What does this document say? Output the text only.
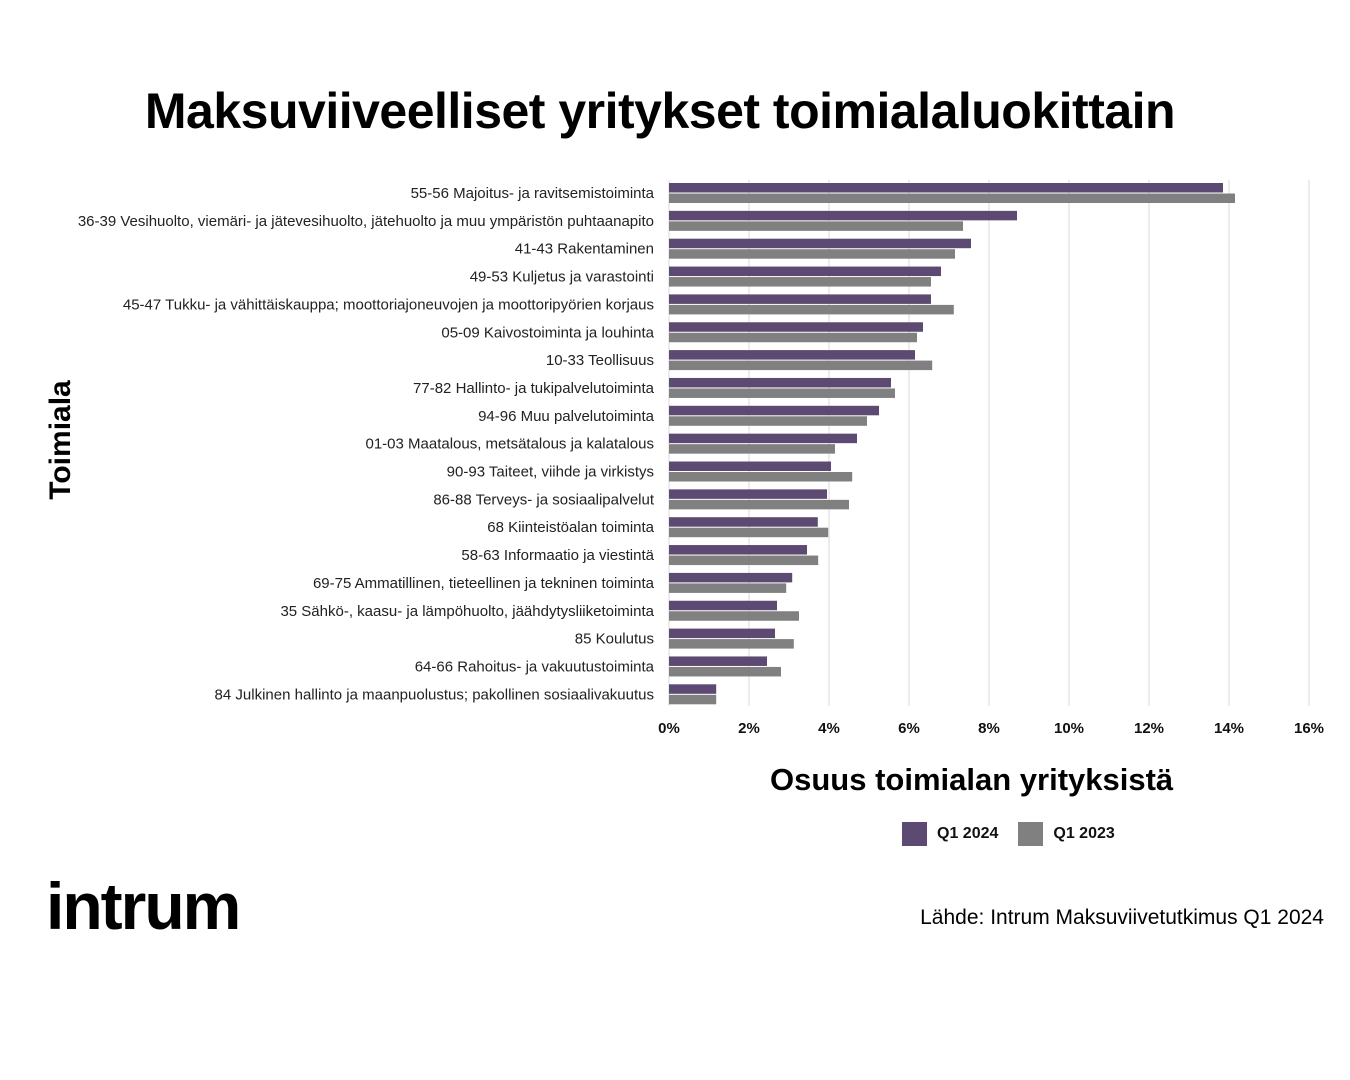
Maksuviiveelliset yritykset toimialaluokittain
Toimiala
55-56 Majoitus- ja ravitsemistoiminta
36-39 Vesihuolto, viemäri- ja jätevesihuolto, jätehuolto ja muu ympäristön puhtaanapito
41-43 Rakentaminen
49-53 Kuljetus ja varastointi
45-47 Tukku- ja vähittäiskauppa; moottoriajoneuvojen ja moottoripyörien korjaus
05-09 Kaivostoiminta ja louhinta
10-33 Teollisuus
77-82 Hallinto- ja tukipalvelutoiminta
94-96 Muu palvelutoiminta
01-03 Maatalous, metsätalous ja kalatalous
90-93 Taiteet, viihde ja virkistys
86-88 Terveys- ja sosiaalipalvelut
68 Kiinteistöalan toiminta
58-63 Informaatio ja viestintä
69-75 Ammatillinen, tieteellinen ja tekninen toiminta
35 Sähkö-, kaasu- ja lämpöhuolto, jäähdytysliiketoiminta
85 Koulutus
64-66 Rahoitus- ja vakuutustoiminta
84 Julkinen hallinto ja maanpuolustus; pakollinen sosiaalivakuutus
0%	2%	4%	6%	8%	10%	12%	14%	16%
Osuus toimialan yrityksistä
Q1 2024	Q1 2023
intrum	Lähde: Intrum Maksuviivetutkimus Q1 2024
